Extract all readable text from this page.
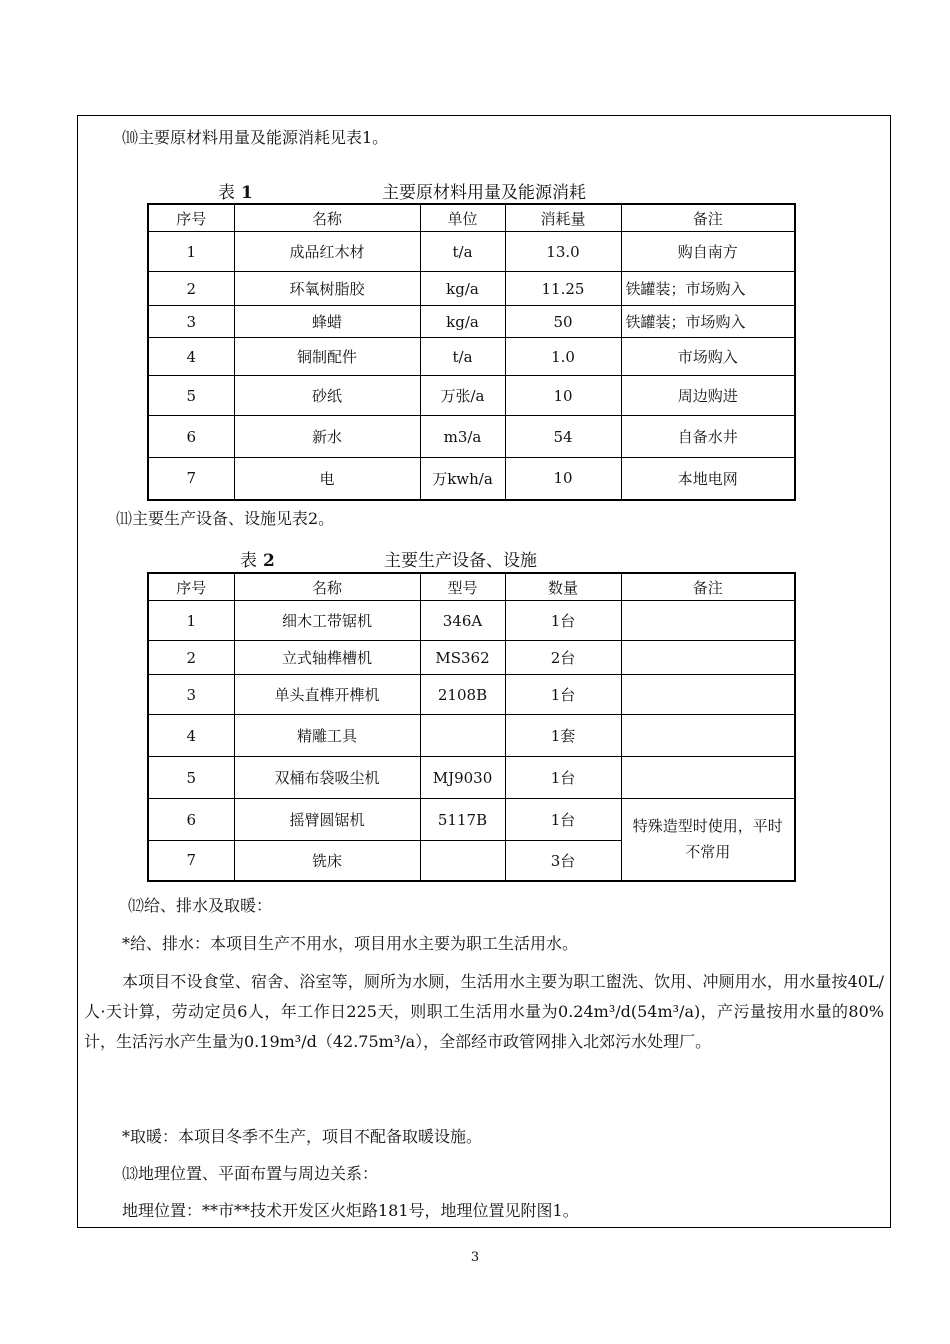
⑽主要原材料用量及能源消耗见表1。
表 1	主要原材料用量及能源消耗
序号	名称	单位	消耗量	备注
1	成品红木材	t/a	13.0	购自南方
2	环氧树脂胶	kg/a	11.25	铁罐装；市场购入
3	蜂蜡	kg/a	50	铁罐装；市场购入
4	铜制配件	t/a	1.0	市场购入
5	砂纸	万张/a	10	周边购进
6	新水	m3/a	54	自备水井
7	电	万kwh/a	10	本地电网
⑾主要生产设备、设施见表2。
表 2	主要生产设备、设施
序号	名称	型号	数量	备注
1	细木工带锯机	346A	1台	
2	立式轴榫槽机	MS362	2台	
3	单头直榫开榫机	2108B	1台	
4	精雕工具		1套	
5	双桶布袋吸尘机	MJ9030	1台	
6	摇臂圆锯机	5117B	1台	特殊造型时使用，平时不常用
7	铣床		3台	
⑿给、排水及取暖：
*给、排水：本项目生产不用水，项目用水主要为职工生活用水。
本项目不设食堂、宿舍、浴室等，厕所为水厕，生活用水主要为职工盥洗、饮用、冲厕用水，用水量按40L/人·天计算，劳动定员6人，年工作日225天，则职工生活用水量为0.24m³/d(54m³/a)，产污量按用水量的80%计，生活污水产生量为0.19m³/d（42.75m³/a），全部经市政管网排入北郊污水处理厂。
*取暖：本项目冬季不生产，项目不配备取暖设施。
⒀地理位置、平面布置与周边关系：
地理位置：**市**技术开发区火炬路181号，地理位置见附图1。
3
